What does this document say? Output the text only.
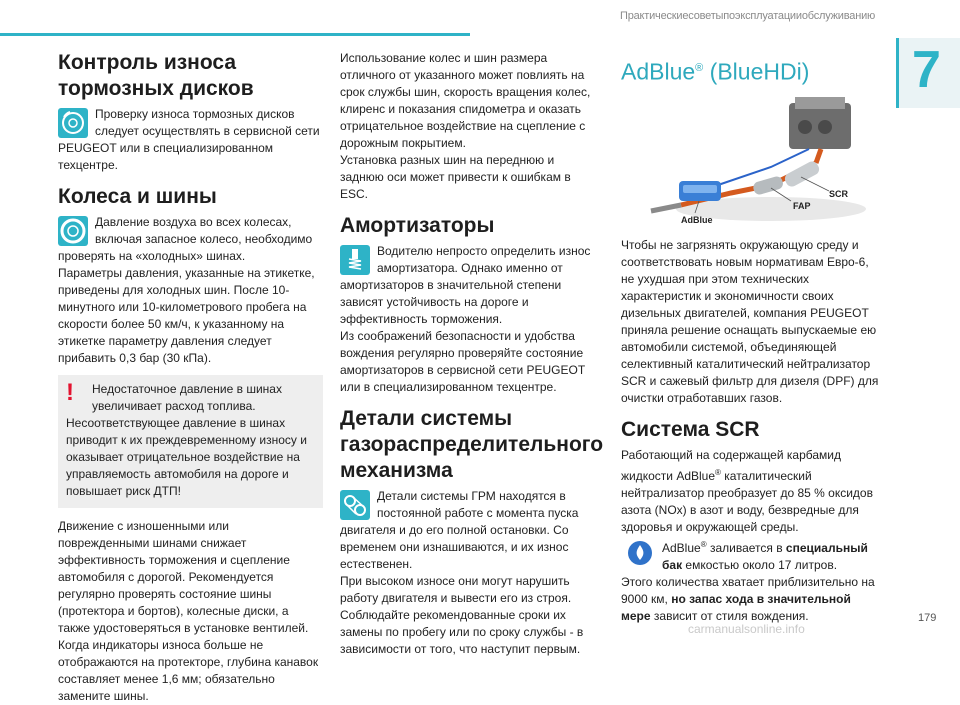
Практическиесоветыпоэксплуатацииобслуживанию
7
Контроль износа тормозных дисков

Проверку износа тормозных дисков следует осуществлять в сервисной сети PEUGEOT или в специализированном техцентре.

Колеса и шины

Давление воздуха во всех колесах, включая запасное колесо, необходимо проверять на «холодных» шинах.

Параметры давления, указанные на этикетке, приведены для холодных шин. После 10-минутного или 10-километрового пробега на скорости более 50 км/ч, к указанному на этикетке параметру давления следует прибавить 0,3 бар (30 кПа).

!	Недостаточное давление в шинах увеличивает расход топлива.

Несоответствующее давление в шинах приводит к их преждевременному износу и оказывает отрицательное воздействие на управляемость автомобиля на дороге и повышает риск ДТП!

Движение с изношенными или поврежденными шинами снижает эффективность торможения и сцепление автомобиля с дорогой. Рекомендуется регулярно проверять состояние шины (протектора и бортов), колесные диски, а также удостоверяться в установке вентилей.

Когда индикаторы износа больше не отображаются на протекторе, глубина канавок составляет менее 1,6 мм; обязательно замените шины.

Использование колес и шин размера отличного от указанного может повлиять на срок службы шин, скорость вращения колес, клиренс и показания спидометра и оказать отрицательное воздействие на сцепление с дорожным покрытием.

Установка разных шин на переднюю и заднюю оси может привести к ошибкам в ESC.

Амортизаторы

Водителю непросто определить износ амортизатора. Однако именно от амортизаторов в значительной степени зависят устойчивость на дороге и эффективность торможения.

Из соображений безопасности и удобства вождения регулярно проверяйте состояние амортизаторов в сервисной сети PEUGEOT или в специализированном техцентре.

Детали системы газораспределительного механизма

Детали системы ГРМ находятся в постоянной работе с момента пуска двигателя и до его полной остановки. Со временем они изнашиваются, и их износ естественен.

При высоком износе они могут нарушить работу двигателя и вывести его из строя. Соблюдайте рекомендованные сроки их замены по пробегу или по сроку службы - в зависимости от того, что наступит первым.

AdBlue® (BlueHDi)
SCR
FAP
AdBlue

Чтобы не загрязнять окружающую среду и соответствовать новым нормативам Евро-6, не ухудшая при этом технических характеристик и экономичности своих дизельных двигателей, компания PEUGEOT приняла решение оснащать выпускаемые ею автомобили системой, объединяющей селективный каталитический нейтрализатор SCR и сажевый фильтр для дизеля (DPF) для очистки отработавших газов.

Система SCR

Работающий на содержащей карбамид жидкости AdBlue® каталитический нейтрализатор преобразует до 85 % оксидов азота (NOx) в азот и воду, безвредные для здоровья и окружающей среды.

AdBlue® заливается в специальный бак емкостью около 17 литров.

Этого количества хватает приблизительно на 9000 км, но запас хода в значительной мере зависит от стиля вождения.	179
carmanualsonline.info
